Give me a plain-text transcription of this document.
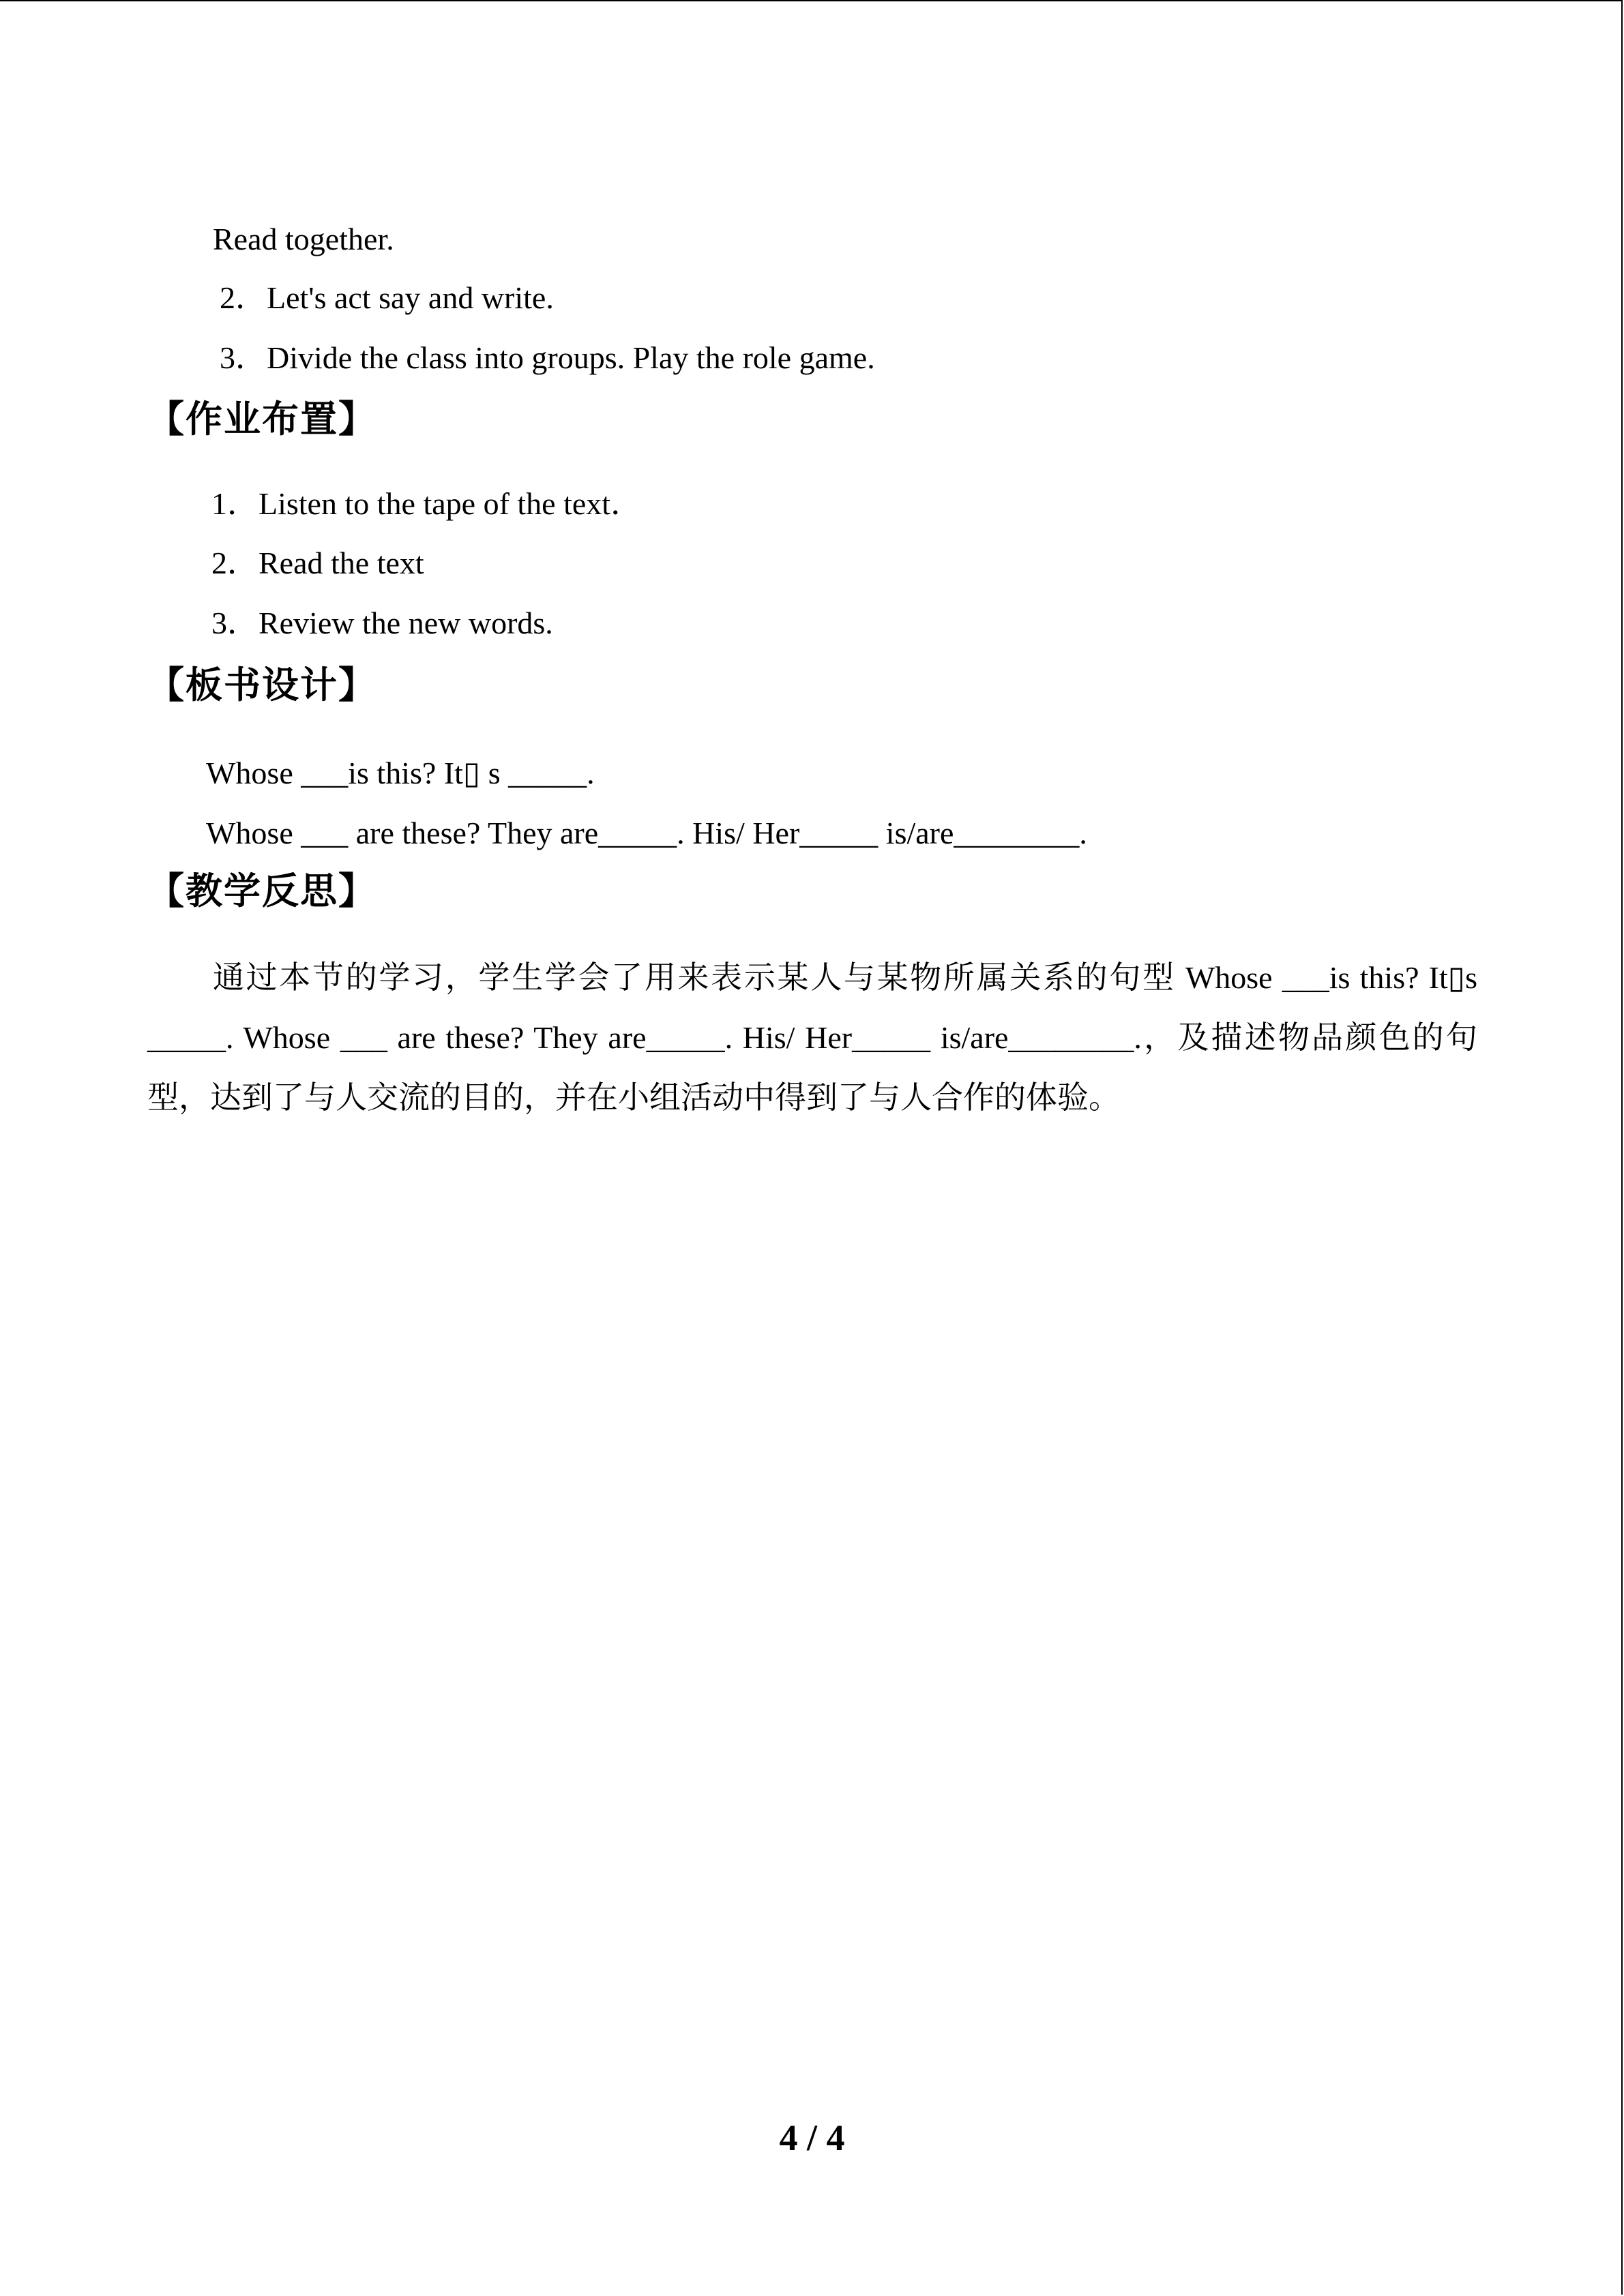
Read together.
2．Let's act say and write.
3．Divide the class into groups. Play the role game.
【作业布置】
1．Listen to the tape of the text．
2．Read the text
3．Review the new words.
【板书设计】
Whose ___is this? It▯ s _____.
Whose ___ are these? They are_____. His/ Her_____ is/are________.
【教学反思】
通过本节的学习，学生学会了用来表示某人与某物所属关系的句型 Whose ___is this? It▯s _____. Whose ___ are these? They are_____. His/ Her_____ is/are________.，及描述物品颜色的句型，达到了与人交流的目的，并在小组活动中得到了与人合作的体验。
4 / 4
